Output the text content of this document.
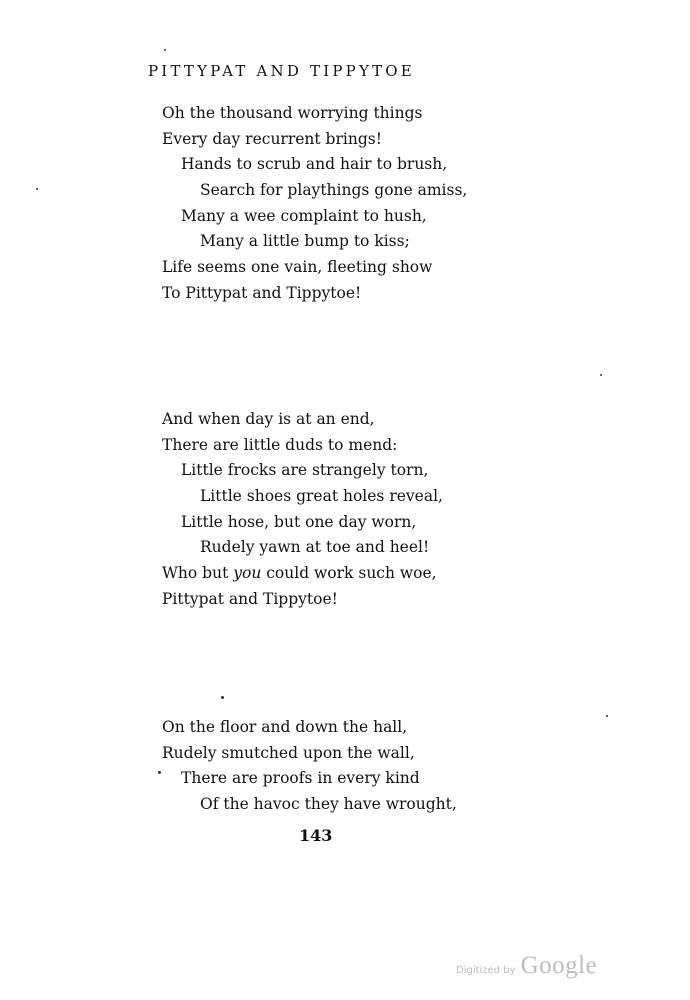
PITTYPAT AND TIPPYTOE
Oh the thousand worrying things
Every day recurrent brings!
Hands to scrub and hair to brush,
Search for playthings gone amiss,
Many a wee complaint to hush,
Many a little bump to kiss;
Life seems one vain, fleeting show
To Pittypat and Tippytoe!
And when day is at an end,
There are little duds to mend:
Little frocks are strangely torn,
Little shoes great holes reveal,
Little hose, but one day worn,
Rudely yawn at toe and heel!
Who but you could work such woe,
Pittypat and Tippytoe!
On the floor and down the hall,
Rudely smutched upon the wall,
There are proofs in every kind
Of the havoc they have wrought,
143
Digitized by Google
